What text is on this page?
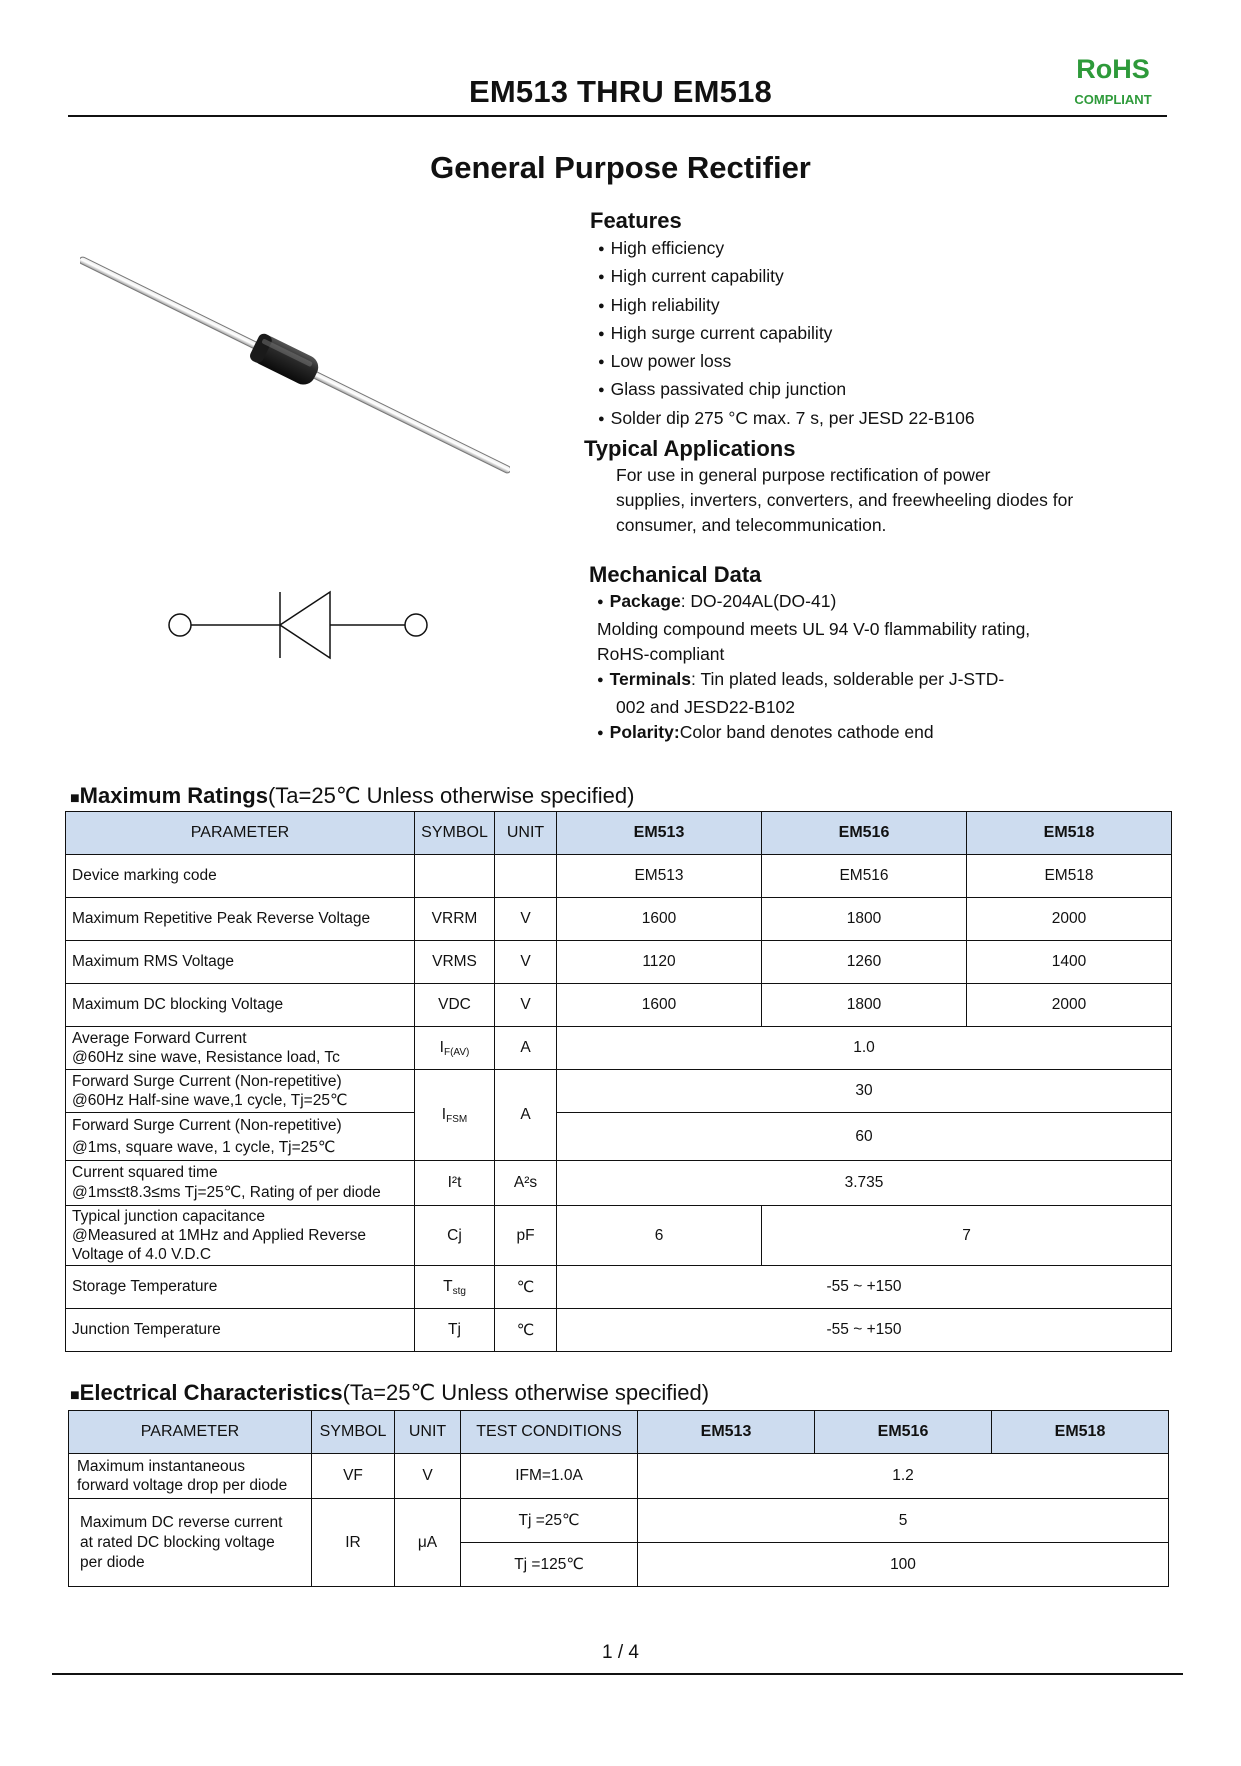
EM513 THRU EM518
RoHS
COMPLIANT
General Purpose Rectifier
Features
● High efficiency
● High current capability
● High reliability
● High surge current capability
● Low power loss
● Glass passivated chip junction
● Solder dip 275 °C max. 7 s, per JESD 22-B106
Typical Applications
For use in general purpose rectification of power
supplies, inverters, converters, and freewheeling diodes for
consumer, and telecommunication.
Mechanical Data
● Package: DO-204AL(DO-41)
Molding compound meets UL 94 V-0 flammability rating,
RoHS-compliant
● Terminals: Tin plated leads, solderable per J-STD-
002 and JESD22-B102
● Polarity:Color band denotes cathode end
■Maximum Ratings(Ta=25℃ Unless otherwise specified)
PARAMETER	SYMBOL	UNIT	EM513	EM516	EM518
Device marking code			EM513	EM516	EM518
Maximum Repetitive Peak Reverse Voltage	VRRM	V	1600	1800	2000
Maximum RMS Voltage	VRMS	V	1120	1260	1400
Maximum DC blocking Voltage	VDC	V	1600	1800	2000

Average Forward Current
@60Hz sine wave, Resistance load, Tc	$I_{F(AV)}$	A	1.0		

Forward Surge Current (Non-repetitive)
@60Hz Half-sine wave,1 cycle, Tj=25℃	$I_{FSM}$	A	30		

Forward Surge Current (Non-repetitive)
@1ms, square wave, 1 cycle, Tj=25℃			60		

Current squared time
@1ms≤t8.3≤ms Tj=25℃, Rating of per diode	I²t	A²s	3.735		

Typical junction capacitance
@Measured at 1MHz and Applied Reverse
Voltage of 4.0 V.D.C	Cj	pF	6	7	
Storage Temperature	$T_{stg}$	℃	-55 ~ +150		
Junction Temperature	Tj	℃	-55 ~ +150		
■Electrical Characteristics(Ta=25℃ Unless otherwise specified)
PARAMETER	SYMBOL	UNIT	TEST CONDITIONS	EM513	EM516	EM518

Maximum instantaneous
forward voltage drop per diode	VF	V	IFM=1.0A	1.2		

Maximum DC reverse current
at rated DC blocking voltage
per diode	IR	μA	Tj =25℃	5		
			Tj =125℃	100		
1 / 4
